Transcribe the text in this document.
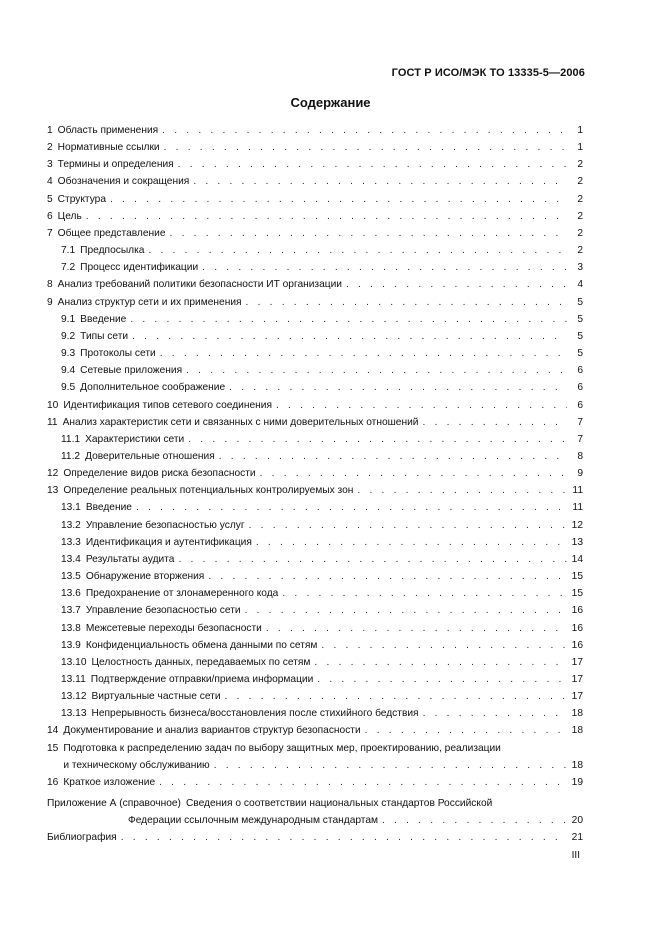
ГОСТ Р ИСО/МЭК ТО 13335-5—2006
Содержание
1 Область применения . . .	1
2 Нормативные ссылки . . .	1
3 Термины и определения . . .	2
4 Обозначения и сокращения . . .	2
5 Структура . . .	2
6 Цель . . .	2
7 Общее представление . . .	2
7.1 Предпосылка . . .	2
7.2 Процесс идентификации . . .	3
8 Анализ требований политики безопасности ИТ организации . . .	4
9 Анализ структур сети и их применения . . .	5
9.1 Введение . . .	5
9.2 Типы сети . . .	5
9.3 Протоколы сети . . .	5
9.4 Сетевые приложения . . .	6
9.5 Дополнительное соображение . . .	6
10 Идентификация типов сетевого соединения . . .	6
11 Анализ характеристик сети и связанных с ними доверительных отношений . . .	7
11.1 Характеристики сети . . .	7
11.2 Доверительные отношения . . .	8
12 Определение видов риска безопасности . . .	9
13 Определение реальных потенциальных контролируемых зон . . .	11
13.1 Введение . . .	11
13.2 Управление безопасностью услуг . . .	12
13.3 Идентификация и аутентификация . . .	13
13.4 Результаты аудита . . .	14
13.5 Обнаружение вторжения . . .	15
13.6 Предохранение от злонамеренного кода . . .	15
13.7 Управление безопасностью сети . . .	16
13.8 Межсетевые переходы безопасности . . .	16
13.9 Конфиденциальность обмена данными по сетям . . .	16
13.10 Целостность данных, передаваемых по сетям . . .	17
13.11 Подтверждение отправки/приема информации . . .	17
13.12 Виртуальные частные сети . . .	17
13.13 Непрерывность бизнеса/восстановления после стихийного бедствия . . .	18
14 Документирование и анализ вариантов структур безопасности . . .	18
15 Подготовка к распределению задач по выбору защитных мер, проектированию, реализации
и техническому обслуживанию . . .	18
16 Краткое изложение . . .	19
Приложение А (справочное) Сведения о соответствии национальных стандартов Российской
Федерации ссылочным международным стандартам . . .	20
Библиография . . .	21
III
